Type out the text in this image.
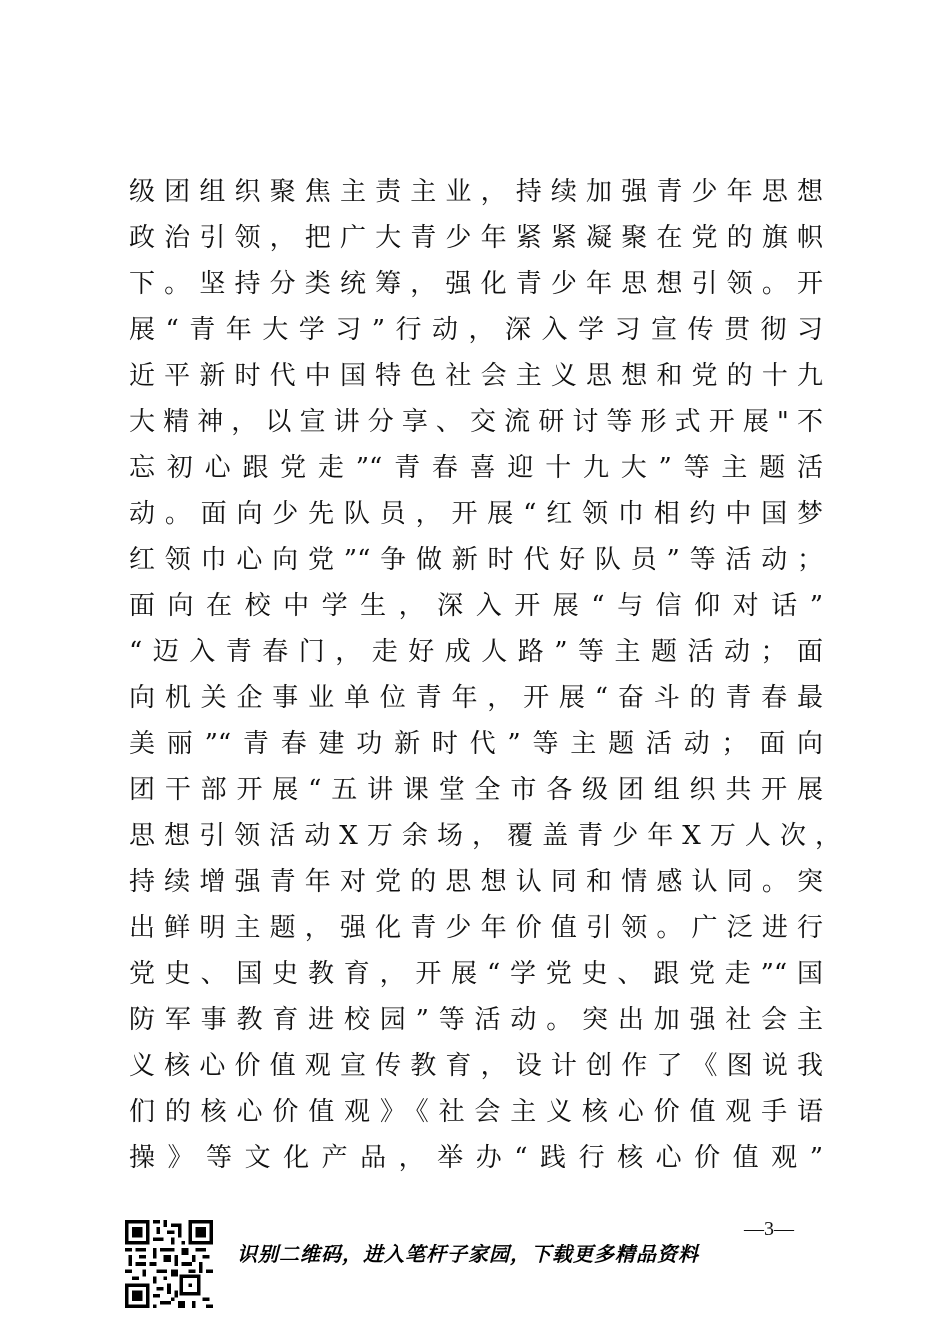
级团组织聚焦主责主业，持续加强青少年思想
政治引领，把广大青少年紧紧凝聚在党的旗帜
下。坚持分类统筹，强化青少年思想引领。开
展“青年大学习”行动，深入学习宣传贯彻习
近平新时代中国特色社会主义思想和党的十九
大精神，以宣讲分享、交流研讨等形式开展"不
忘初心跟党走”“青春喜迎十九大”等主题活
动。面向少先队员，开展“红领巾相约中国梦
红领巾心向党”“争做新时代好队员”等活动；
面向在校中学生，深入开展“与信仰对话”
“迈入青春门，走好成人路”等主题活动；面
向机关企事业单位青年，开展“奋斗的青春最
美丽”“青春建功新时代”等主题活动；面向
团干部开展“五讲课堂全市各级团组织共开展
思想引领活动X万余场，覆盖青少年X万人次，
持续增强青年对党的思想认同和情感认同。突
出鲜明主题，强化青少年价值引领。广泛进行
党史、国史教育，开展“学党史、跟党走”“国
防军事教育进校园”等活动。突出加强社会主
义核心价值观宣传教育，设计创作了《图说我
们的核心价值观》《社会主义核心价值观手语
操》等文化产品，举办“践行核心价值观”
识别二维码，进入笔杆子家园，下载更多精品资料
—3—
